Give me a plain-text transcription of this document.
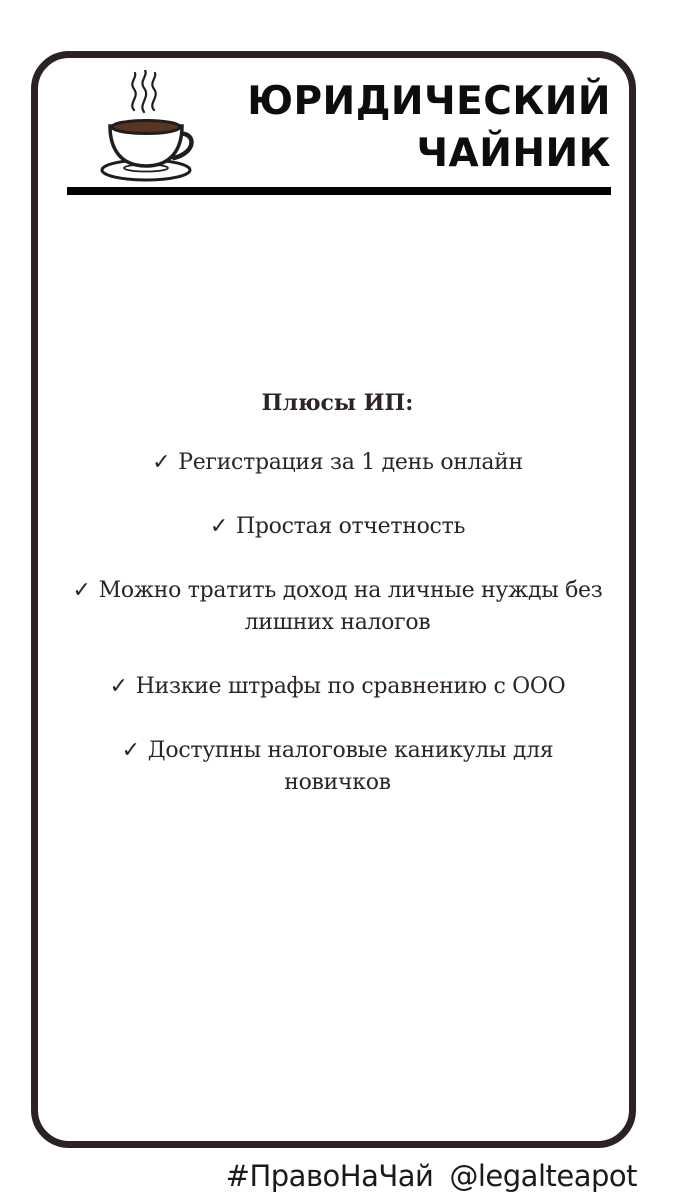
ЮРИДИЧЕСКИЙ
ЧАЙНИК
Плюсы ИП:
✓ Регистрация за 1 день онлайн
✓ Простая отчетность
✓ Можно тратить доход на личные нужды без лишних налогов
✓ Низкие штрафы по сравнению с ООО
✓ Доступны налоговые каникулы для новичков
#ПравоНаЧай @legalteapot
